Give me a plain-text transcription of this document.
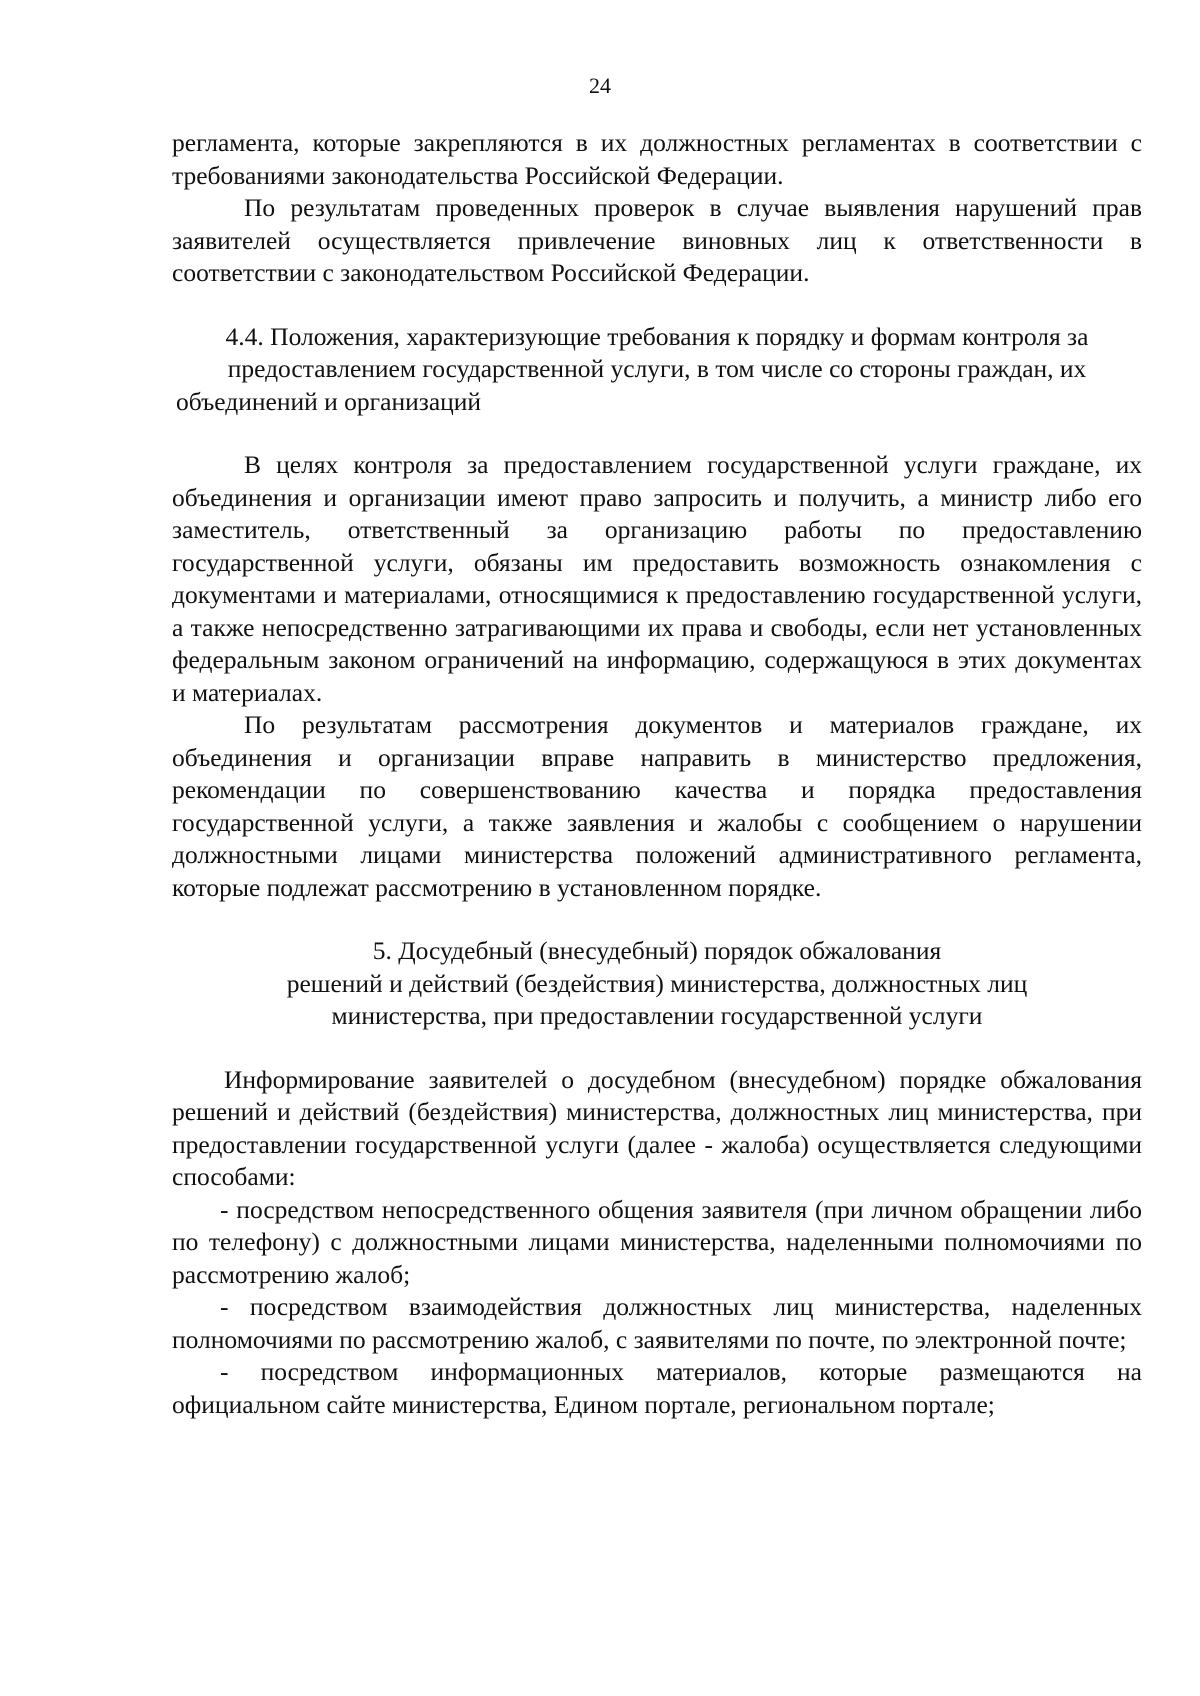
24

регламента, которые закрепляются в их должностных регламентах в соответствии с требованиями законодательства Российской Федерации.

По результатам проведенных проверок в случае выявления нарушений прав заявителей осуществляется привлечение виновных лиц к ответственности в соответствии с законодательством Российской Федерации.

4.4. Положения, характеризующие требования к порядку и формам контроля за предоставлением государственной услуги, в том числе со стороны граждан, их объединений и организаций

В целях контроля за предоставлением государственной услуги граждане, их объединения и организации имеют право запросить и получить, а министр либо его заместитель, ответственный за организацию работы по предоставлению государственной услуги, обязаны им предоставить возможность ознакомления с документами и материалами, относящимися к предоставлению государственной услуги, а также непосредственно затрагивающими их права и свободы, если нет установленных федеральным законом ограничений на информацию, содержащуюся в этих документах и материалах.

По результатам рассмотрения документов и материалов граждане, их объединения и организации вправе направить в министерство предложения, рекомендации по совершенствованию качества и порядка предоставления государственной услуги, а также заявления и жалобы с сообщением о нарушении должностными лицами министерства положений административного регламента, которые подлежат рассмотрению в установленном порядке.

5. Досудебный (внесудебный) порядок обжалования
решений и действий (бездействия) министерства, должностных лиц
министерства, при предоставлении государственной услуги

Информирование заявителей о досудебном (внесудебном) порядке обжалования решений и действий (бездействия) министерства, должностных лиц министерства, при предоставлении государственной услуги (далее - жалоба) осуществляется следующими способами:

- посредством непосредственного общения заявителя (при личном обращении либо по телефону) с должностными лицами министерства, наделенными полномочиями по рассмотрению жалоб;

- посредством взаимодействия должностных лиц министерства, наделенных полномочиями по рассмотрению жалоб, с заявителями по почте, по электронной почте;

- посредством информационных материалов, которые размещаются на официальном сайте министерства, Едином портале, региональном портале;
